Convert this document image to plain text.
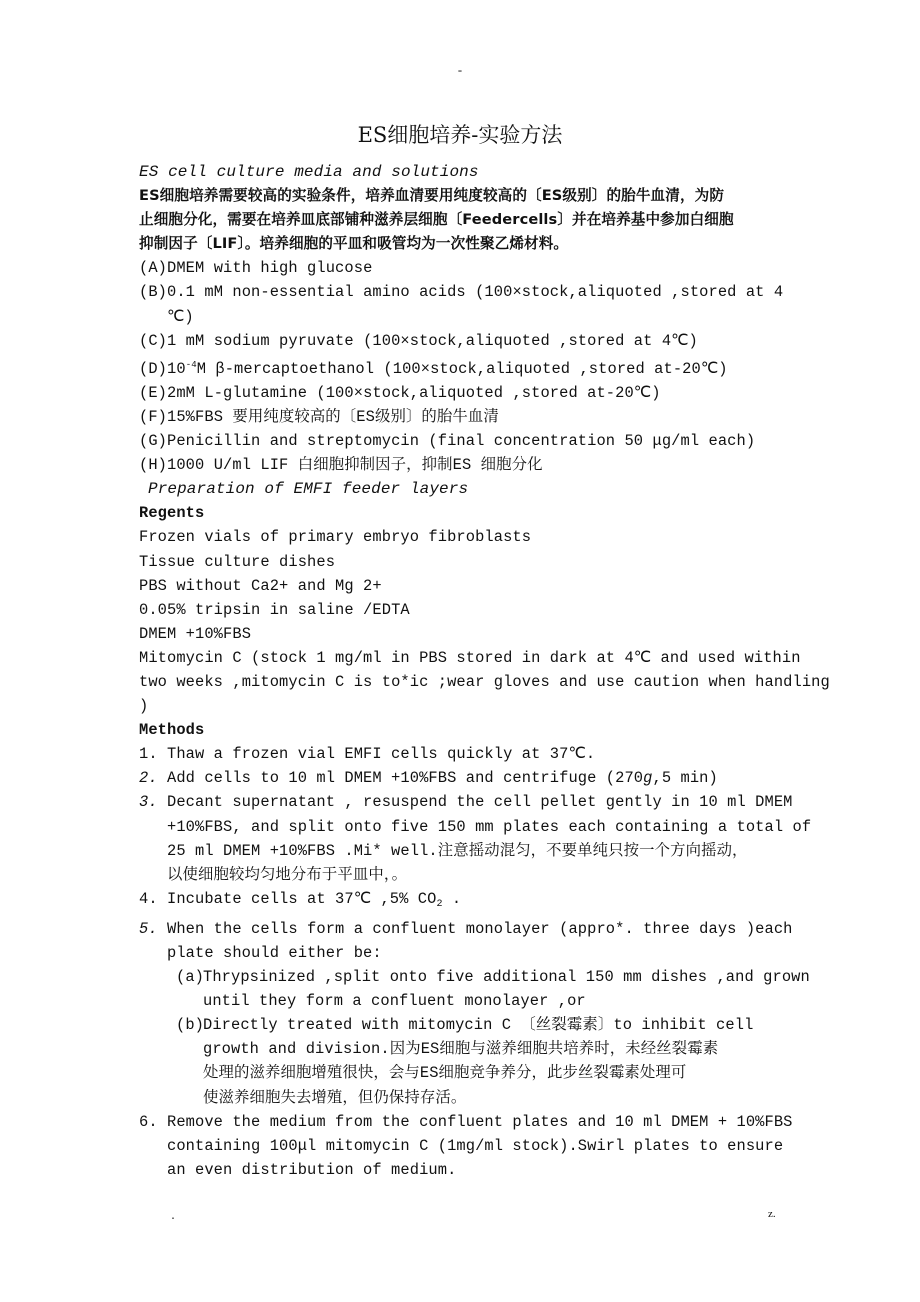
-
ES细胞培养-实验方法
ES cell culture media and solutions
ES细胞培养需要较高的实验条件，培养血清要用纯度较高的〔ES级别〕的胎牛血清，为防
止细胞分化，需要在培养皿底部铺种滋养层细胞〔Feedercells〕并在培养基中参加白细胞
抑制因子〔LIF〕。培养细胞的平皿和吸管均为一次性聚乙烯材料。
(A)DMEM with high glucose
(B)0.1 mM non-essential amino acids (100×stock,aliquoted ,stored at 4
℃)
(C)1 mM sodium pyruvate (100×stock,aliquoted ,stored at 4℃)
$(D)10^{-4}M$ β-mercaptoethanol (100×stock,aliquoted ,stored at-20℃)
(E)2mM L-glutamine (100×stock,aliquoted ,stored at-20℃)
(F)15%FBS 要用纯度较高的〔ES级别〕的胎牛血清
(G)Penicillin and streptomycin (final concentration 50 μg/ml each)
(H)1000 U/ml LIF 白细胞抑制因子，抑制ES 细胞分化
Preparation of EMFI feeder layers
Regents
Frozen vials of primary embryo fibroblasts
Tissue culture dishes
PBS without Ca2+ and Mg 2+
0.05% tripsin in saline /EDTA
DMEM +10%FBS
Mitomycin C (stock 1 mg/ml in PBS stored in dark at 4℃ and used within
two weeks ,mitomycin C is to*ic ;wear gloves and use caution when handling
)
Methods
1. Thaw a frozen vial EMFI cells quickly at 37℃.
2. Add cells to 10 ml DMEM +10%FBS and centrifuge (270g,5 min)
3. Decant supernatant , resuspend the cell pellet gently in 10 ml DMEM
+10%FBS, and split onto five 150 mm plates each containing a total of
25 ml DMEM +10%FBS .Mi* well.注意摇动混匀，不要单纯只按一个方向摇动，
以使细胞较均匀地分布于平皿中，。
4. Incubate cells at 37℃ ,5% $CO_2$ .
5. When the cells form a confluent monolayer (appro*. three days )each
plate should either be:
(a)Thrypsinized ,split onto five additional 150 mm dishes ,and grown
until they form a confluent monolayer ,or
(b)Directly treated with mitomycin C 〔丝裂霉素〕to inhibit cell
growth and division.因为ES细胞与滋养细胞共培养时，未经丝裂霉素
处理的滋养细胞增殖很快，会与ES细胞竞争养分，此步丝裂霉素处理可
使滋养细胞失去增殖，但仍保持存活。
6. Remove the medium from the confluent plates and 10 ml DMEM + 10%FBS
containing 100μl mitomycin C (1mg/ml stock).Swirl plates to ensure
an even distribution of medium.
.	z.
